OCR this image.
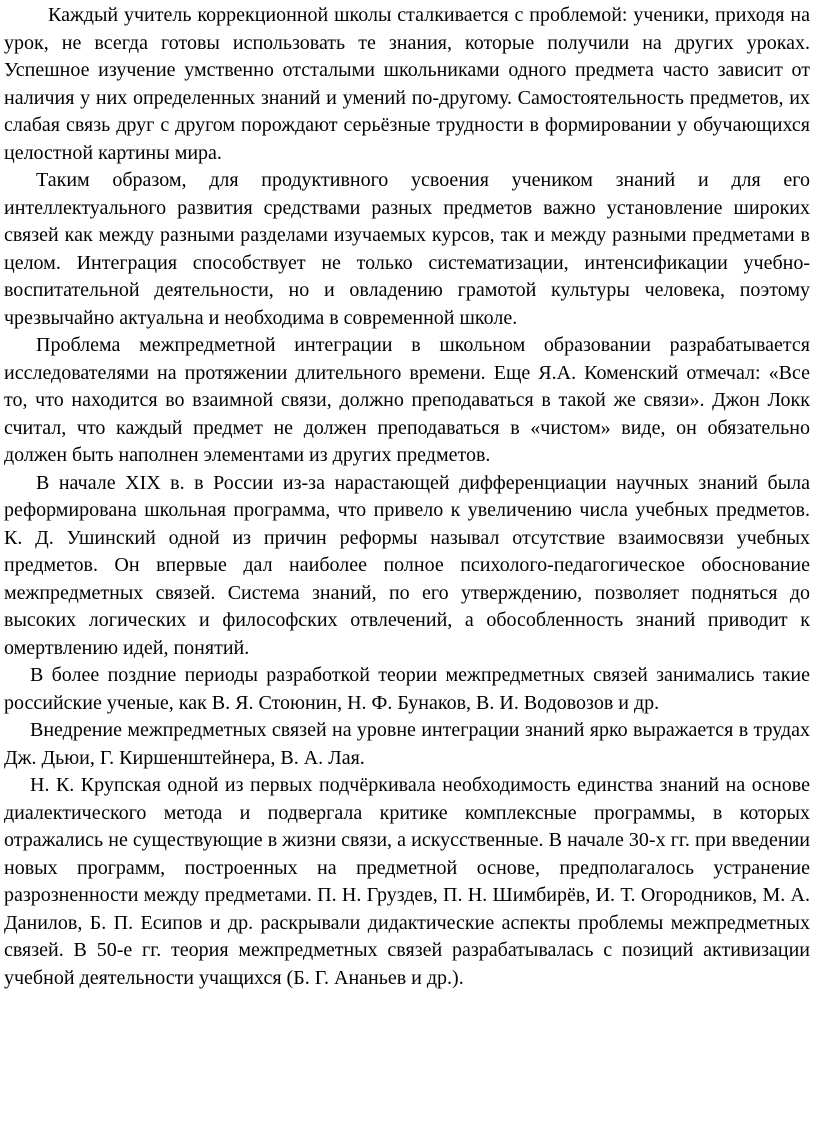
Каждый учитель коррекционной школы сталкивается с проблемой: ученики, приходя на урок, не всегда готовы использовать те знания, которые получили на других уроках. Успешное изучение умственно отсталыми школьниками одного предмета часто зависит от наличия у них определенных знаний и умений по-другому. Самостоятельность предметов, их слабая связь друг с другом порождают серьёзные трудности в формировании у обучающихся целостной картины мира.

Таким образом, для продуктивного усвоения учеником знаний и для его интеллектуального развития средствами разных предметов важно установление широких связей как между разными разделами изучаемых курсов, так и между разными предметами в целом. Интеграция способствует не только систематизации, интенсификации учебно-воспитательной деятельности, но и овладению грамотой культуры человека, поэтому чрезвычайно актуальна и необходима в современной школе.

Проблема межпредметной интеграции в школьном образовании разрабатывается исследователями на протяжении длительного времени. Еще Я.А. Коменский отмечал: «Все то, что находится во взаимной связи, должно преподаваться в такой же связи». Джон Локк считал, что каждый предмет не должен преподаваться в «чистом» виде, он обязательно должен быть наполнен элементами из других предметов.

В начале XIX в. в России из-за нарастающей дифференциации научных знаний была реформирована школьная программа, что привело к увеличению числа учебных предметов. К. Д. Ушинский одной из причин реформы называл отсутствие взаимосвязи учебных предметов. Он впервые дал наиболее полное психолого-педагогическое обоснование межпредметных связей. Система знаний, по его утверждению, позволяет подняться до высоких логических и философских отвлечений, а обособленность знаний приводит к омертвлению идей, понятий.

В более поздние периоды разработкой теории межпредметных связей занимались такие российские ученые, как В. Я. Стоюнин, Н. Ф. Бунаков, В. И. Водовозов и др.

Внедрение межпредметных связей на уровне интеграции знаний ярко выражается в трудах Дж. Дьюи, Г. Киршенштейнера, В. А. Лая.

Н. К. Крупская одной из первых подчёркивала необходимость единства знаний на основе диалектического метода и подвергала критике комплексные программы, в которых отражались не существующие в жизни связи, а искусственные. В начале 30-х гг. при введении новых программ, построенных на предметной основе, предполагалось устранение разрозненности между предметами. П. Н. Груздев, П. Н. Шимбирёв, И. Т. Огородников, М. А. Данилов, Б. П. Есипов и др. раскрывали дидактические аспекты проблемы межпредметных связей. В 50-е гг. теория межпредметных связей разрабатывалась с позиций активизации учебной деятельности учащихся (Б. Г. Ананьев и др.).
